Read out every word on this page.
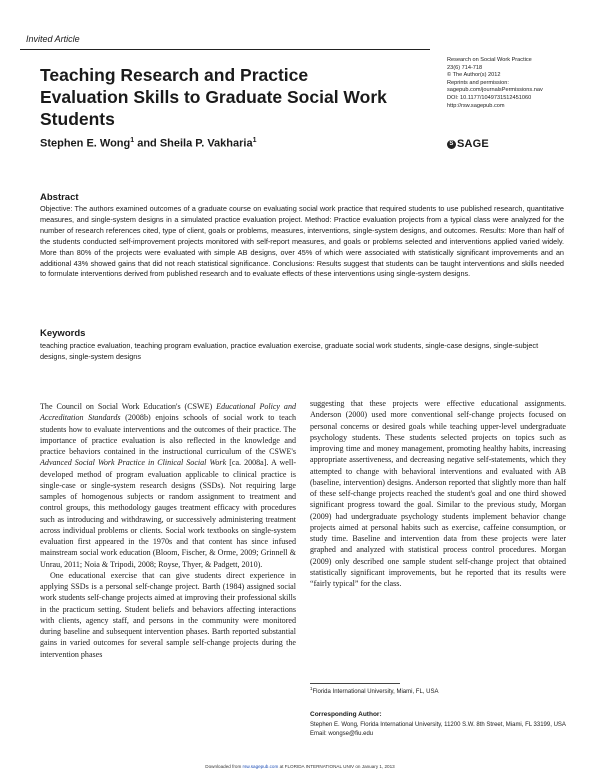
Invited Article
Teaching Research and Practice Evaluation Skills to Graduate Social Work Students
Stephen E. Wong$^1$ and Sheila P. Vakharia$^1$
Research on Social Work Practice
23(6) 714-718
© The Author(s) 2012
Reprints and permission:
sagepub.com/journalsPermissions.nav
DOI: 10.1177/1049731512451060
http://rsw.sagepub.com
S SAGE
Abstract
Objective: The authors examined outcomes of a graduate course on evaluating social work practice that required students to use published research, quantitative measures, and single-system designs in a simulated practice evaluation project. Method: Practice evaluation projects from a typical class were analyzed for the number of research references cited, type of client, goals or problems, measures, interventions, single-system designs, and outcomes. Results: More than half of the students conducted self-improvement projects monitored with self-report measures, and goals or problems selected and interventions applied varied widely. More than 80% of the projects were evaluated with simple AB designs, over 45% of which were associated with statistically significant improvements and an additional 43% showed gains that did not reach statistical significance. Conclusions: Results suggest that students can be taught interventions and skills needed to formulate interventions derived from published research and to evaluate effects of these interventions using single-system designs.
Keywords
teaching practice evaluation, teaching program evaluation, practice evaluation exercise, graduate social work students, single-case designs, single-subject designs, single-system designs

The Council on Social Work Education's (CSWE) Educational Policy and Accreditation Standards (2008b) enjoins schools of social work to teach students how to evaluate interventions and the outcomes of their practice. The importance of practice evaluation is also reflected in the knowledge and practice behaviors contained in the instructional curriculum of the CSWE's Advanced Social Work Practice in Clinical Social Work [ca. 2008a]. A well-developed method of program evaluation applicable to clinical practice is single-case or single-system research designs (SSDs). Not requiring large samples of homogenous subjects or random assignment to treatment and control groups, this methodology gauges treatment efficacy with procedures such as introducing and withdrawing, or successively administering treatment across individual problems or clients. Social work textbooks on single-system evaluation first appeared in the 1970s and that content has since infused mainstream social work education (Bloom, Fischer, & Orme, 2009; Grinnell & Unrau, 2011; Noia & Tripodi, 2008; Royse, Thyer, & Padgett, 2010).

One educational exercise that can give students direct experience in applying SSDs is a personal self-change project. Barth (1984) assigned social work students self-change projects aimed at improving their professional skills in the practicum setting. Student beliefs and behaviors affecting interactions with clients, agency staff, and persons in the community were monitored during baseline and subsequent intervention phases. Barth reported substantial gains in varied outcomes for several sample self-change projects during the intervention phases

suggesting that these projects were effective educational assignments. Anderson (2000) used more conventional self-change projects focused on personal concerns or desired goals while teaching upper-level undergraduate psychology students. These students selected projects on topics such as improving time and money management, promoting healthy habits, increasing appropriate assertiveness, and decreasing negative self-statements, which they attempted to change with behavioral interventions and evaluated with AB (baseline, intervention) designs. Anderson reported that slightly more than half of these self-change projects reached the student's goal and one third showed significant progress toward the goal. Similar to the previous study, Morgan (2009) had undergraduate psychology students implement behavior change projects aimed at personal habits such as exercise, caffeine consumption, or study time. Baseline and intervention data from these projects were later graphed and analyzed with statistical process control procedures. Morgan (2009) only described one sample student self-change project that obtained statistically significant improvements, but he reported that its results were “fairly typical” for the class.

$^1$Florida International University, Miami, FL, USA
Corresponding Author:
Stephen E. Wong, Florida International University, 11200 S.W. 8th Street, Miami, FL 33199, USA
Email: wongse@fiu.edu
Downloaded from rsw.sagepub.com at FLORIDA INTERNATIONAL UNIV on January 1, 2013
